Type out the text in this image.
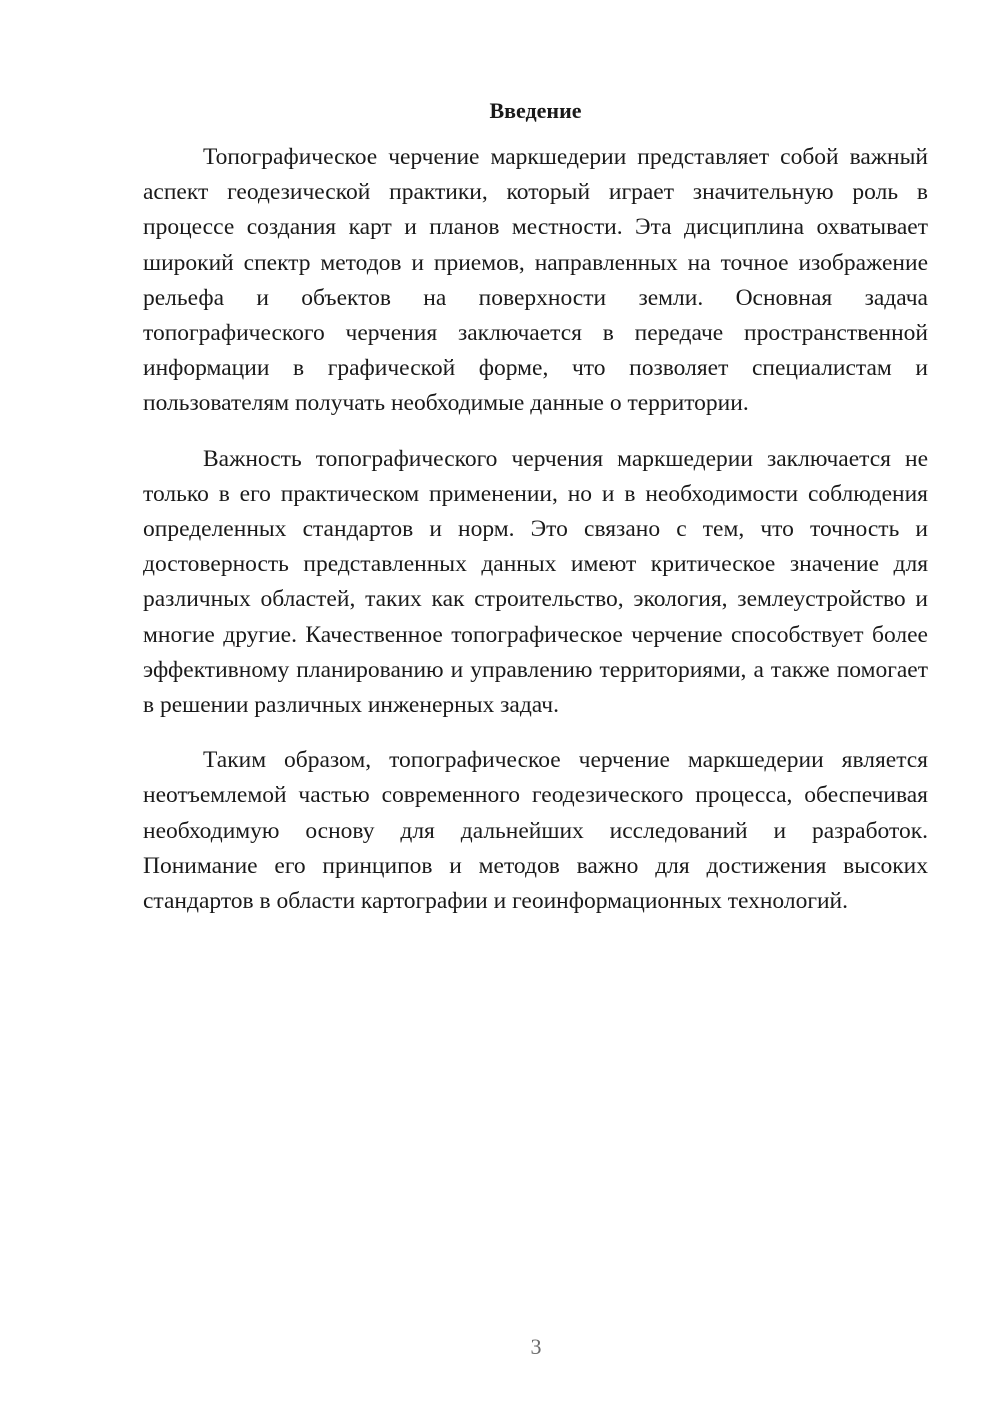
Введение

Топографическое черчение маркшедерии представляет собой важный аспект геодезической практики, который играет значительную роль в процессе создания карт и планов местности. Эта дисциплина охватывает широкий спектр методов и приемов, направленных на точное изображение рельефа и объектов на поверхности земли. Основная задача топографического черчения заключается в передаче пространственной информации в графической форме, что позволяет специалистам и пользователям получать необходимые данные о территории.

Важность топографического черчения маркшедерии заключается не только в его практическом применении, но и в необходимости соблюдения определенных стандартов и норм. Это связано с тем, что точность и достоверность представленных данных имеют критическое значение для различных областей, таких как строительство, экология, землеустройство и многие другие. Качественное топографическое черчение способствует более эффективному планированию и управлению территориями, а также помогает в решении различных инженерных задач.

Таким образом, топографическое черчение маркшедерии является неотъемлемой частью современного геодезического процесса, обеспечивая необходимую основу для дальнейших исследований и разработок. Понимание его принципов и методов важно для достижения высоких стандартов в области картографии и геоинформационных технологий.

3
